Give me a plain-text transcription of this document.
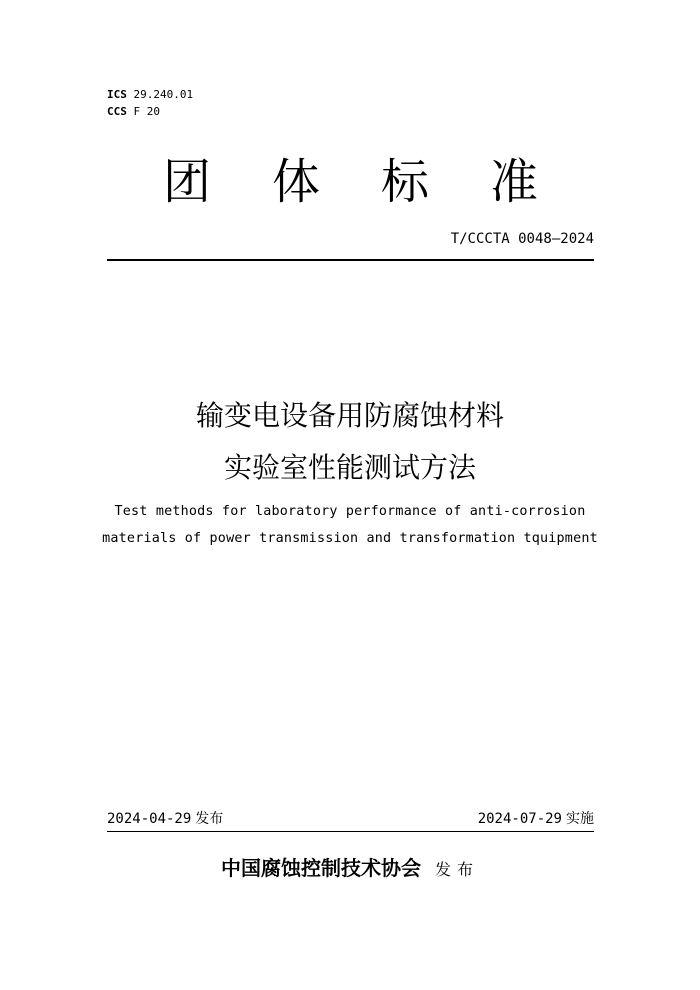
ICS 29.240.01
CCS F 20
团 体 标 准
T/CCCTA 0048—2024
输变电设备用防腐蚀材料
实验室性能测试方法
Test methods for laboratory performance of anti-corrosion
materials of power transmission and transformation tquipment
2024-04-29 发布	2024-07-29 实施
中国腐蚀控制技术协会 发布
